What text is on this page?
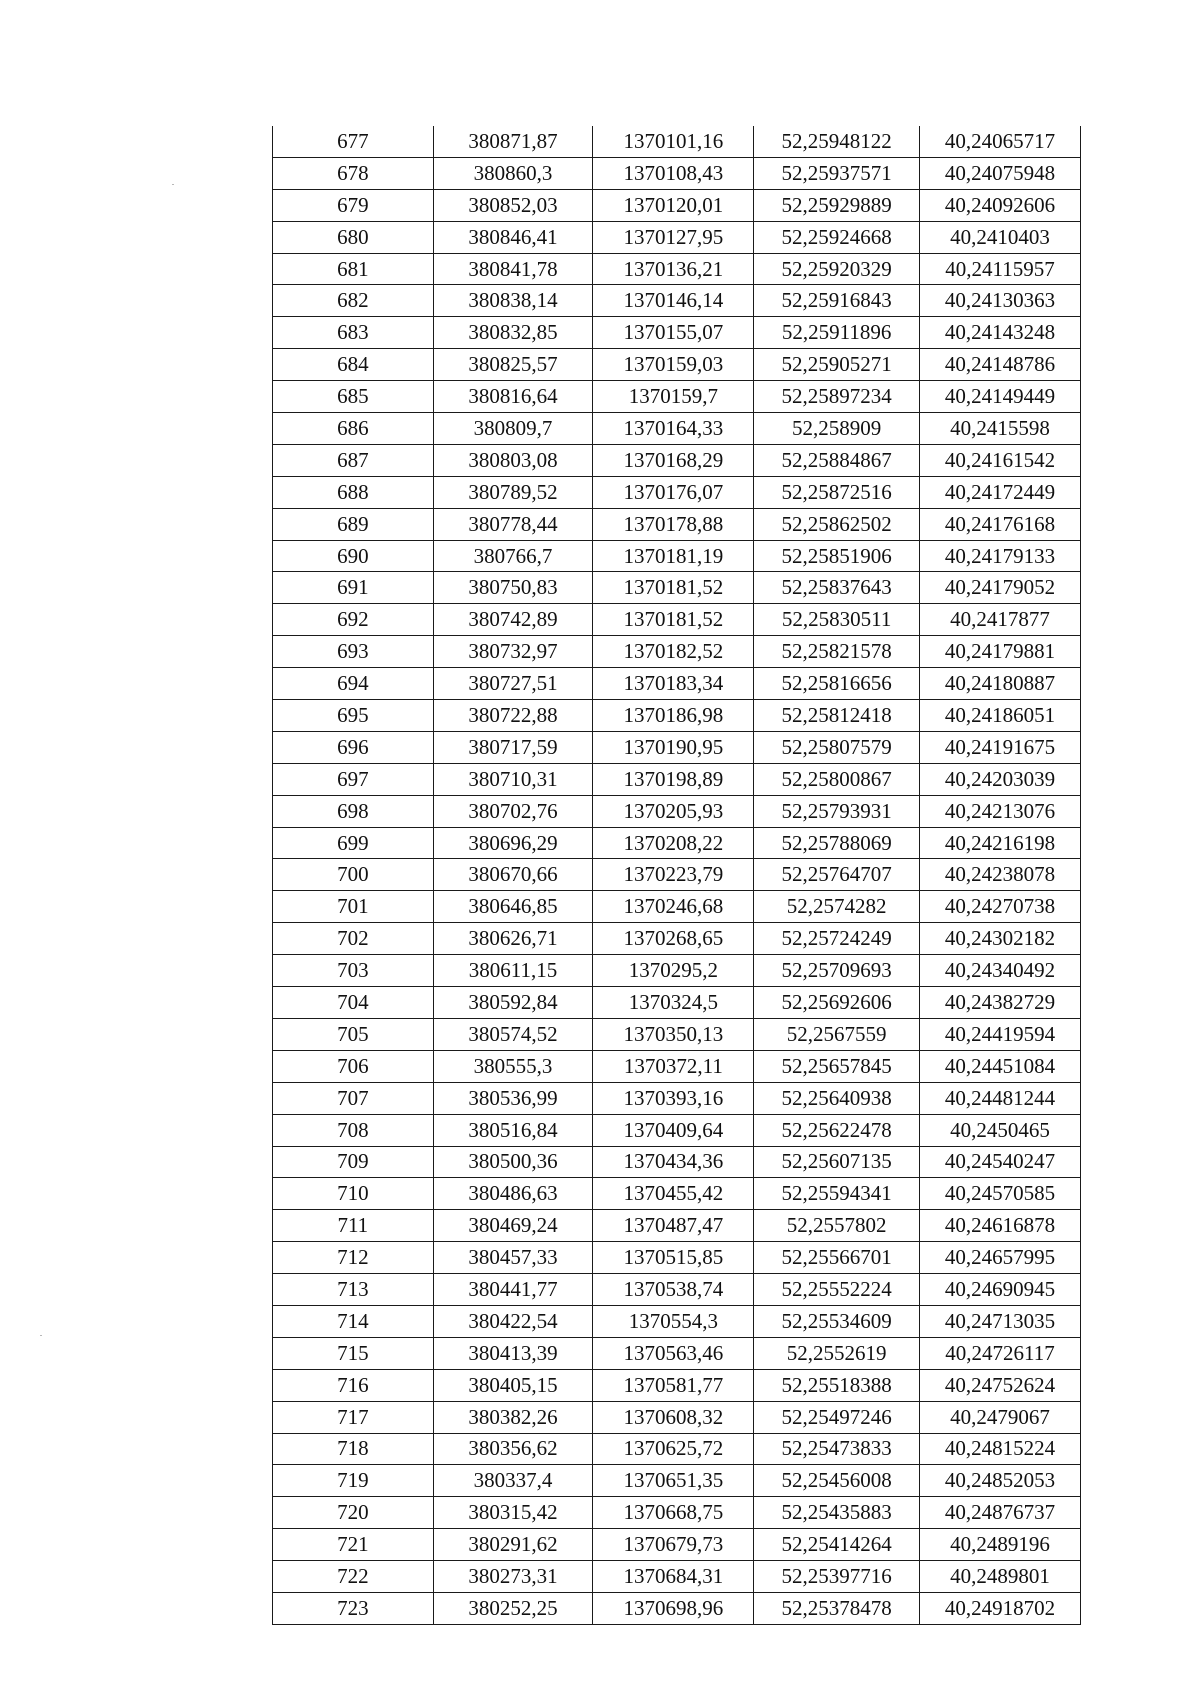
677	380871,87	1370101,16	52,25948122	40,24065717
678	380860,3	1370108,43	52,25937571	40,24075948
679	380852,03	1370120,01	52,25929889	40,24092606
680	380846,41	1370127,95	52,25924668	40,2410403
681	380841,78	1370136,21	52,25920329	40,24115957
682	380838,14	1370146,14	52,25916843	40,24130363
683	380832,85	1370155,07	52,25911896	40,24143248
684	380825,57	1370159,03	52,25905271	40,24148786
685	380816,64	1370159,7	52,25897234	40,24149449
686	380809,7	1370164,33	52,258909	40,2415598
687	380803,08	1370168,29	52,25884867	40,24161542
688	380789,52	1370176,07	52,25872516	40,24172449
689	380778,44	1370178,88	52,25862502	40,24176168
690	380766,7	1370181,19	52,25851906	40,24179133
691	380750,83	1370181,52	52,25837643	40,24179052
692	380742,89	1370181,52	52,25830511	40,2417877
693	380732,97	1370182,52	52,25821578	40,24179881
694	380727,51	1370183,34	52,25816656	40,24180887
695	380722,88	1370186,98	52,25812418	40,24186051
696	380717,59	1370190,95	52,25807579	40,24191675
697	380710,31	1370198,89	52,25800867	40,24203039
698	380702,76	1370205,93	52,25793931	40,24213076
699	380696,29	1370208,22	52,25788069	40,24216198
700	380670,66	1370223,79	52,25764707	40,24238078
701	380646,85	1370246,68	52,2574282	40,24270738
702	380626,71	1370268,65	52,25724249	40,24302182
703	380611,15	1370295,2	52,25709693	40,24340492
704	380592,84	1370324,5	52,25692606	40,24382729
705	380574,52	1370350,13	52,2567559	40,24419594
706	380555,3	1370372,11	52,25657845	40,24451084
707	380536,99	1370393,16	52,25640938	40,24481244
708	380516,84	1370409,64	52,25622478	40,2450465
709	380500,36	1370434,36	52,25607135	40,24540247
710	380486,63	1370455,42	52,25594341	40,24570585
711	380469,24	1370487,47	52,2557802	40,24616878
712	380457,33	1370515,85	52,25566701	40,24657995
713	380441,77	1370538,74	52,25552224	40,24690945
714	380422,54	1370554,3	52,25534609	40,24713035
715	380413,39	1370563,46	52,2552619	40,24726117
716	380405,15	1370581,77	52,25518388	40,24752624
717	380382,26	1370608,32	52,25497246	40,2479067
718	380356,62	1370625,72	52,25473833	40,24815224
719	380337,4	1370651,35	52,25456008	40,24852053
720	380315,42	1370668,75	52,25435883	40,24876737
721	380291,62	1370679,73	52,25414264	40,2489196
722	380273,31	1370684,31	52,25397716	40,2489801
723	380252,25	1370698,96	52,25378478	40,24918702
